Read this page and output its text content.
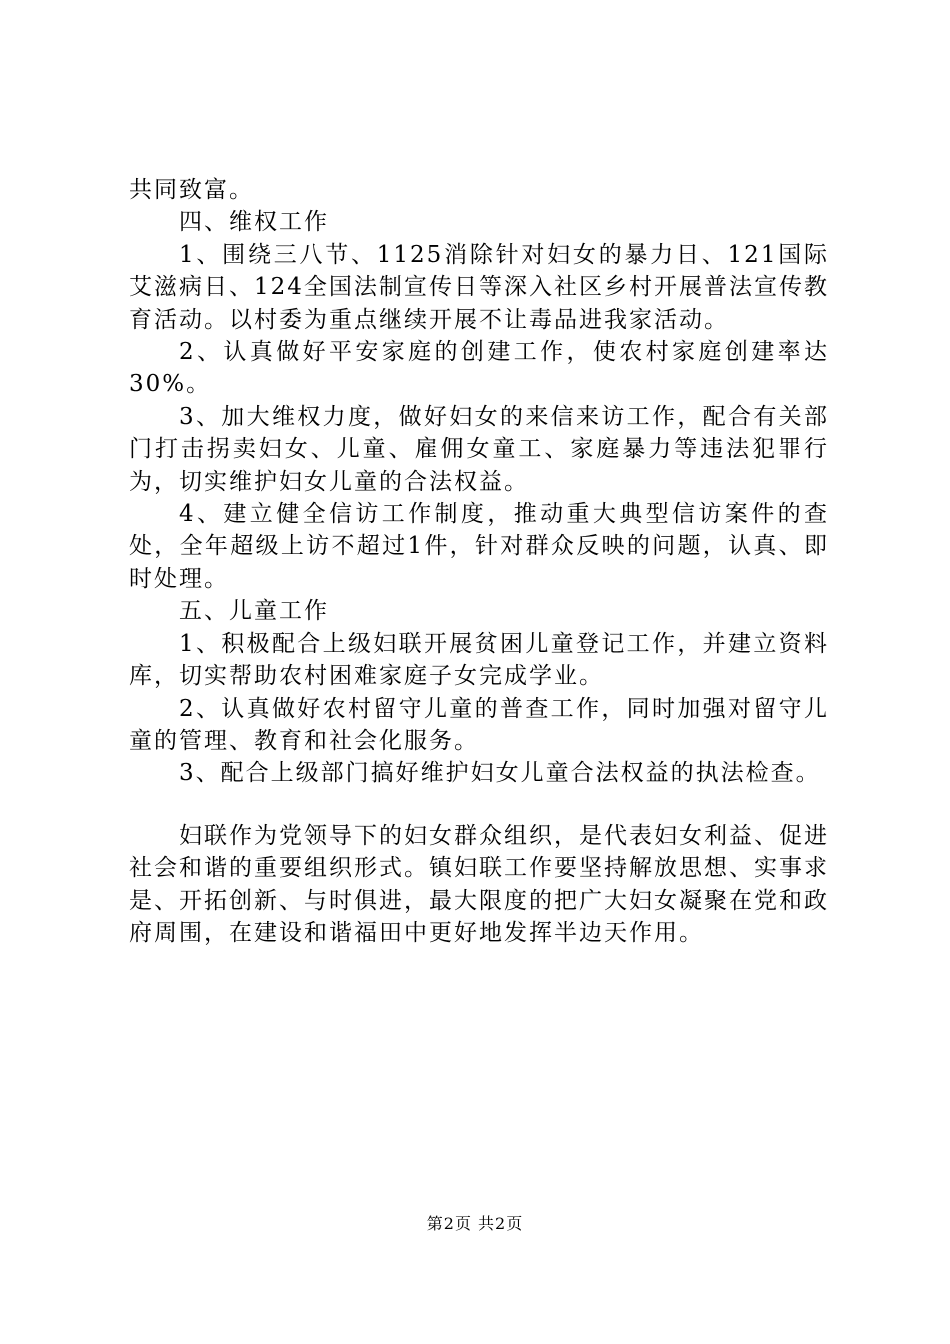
共同致富。

四、维权工作

1、围绕三八节、1125消除针对妇女的暴力日、121国际艾滋病日、124全国法制宣传日等深入社区乡村开展普法宣传教育活动。以村委为重点继续开展不让毒品进我家活动。

2、认真做好平安家庭的创建工作，使农村家庭创建率达30%。

3、加大维权力度，做好妇女的来信来访工作，配合有关部门打击拐卖妇女、儿童、雇佣女童工、家庭暴力等违法犯罪行为，切实维护妇女儿童的合法权益。

4、建立健全信访工作制度，推动重大典型信访案件的查处，全年超级上访不超过1件，针对群众反映的问题，认真、即时处理。

五、儿童工作

1、积极配合上级妇联开展贫困儿童登记工作，并建立资料库，切实帮助农村困难家庭子女完成学业。

2、认真做好农村留守儿童的普查工作，同时加强对留守儿童的管理、教育和社会化服务。

3、配合上级部门搞好维护妇女儿童合法权益的执法检查。

妇联作为党领导下的妇女群众组织，是代表妇女利益、促进社会和谐的重要组织形式。镇妇联工作要坚持解放思想、实事求是、开拓创新、与时俱进，最大限度的把广大妇女凝聚在党和政府周围，在建设和谐福田中更好地发挥半边天作用。

第2页 共2页
